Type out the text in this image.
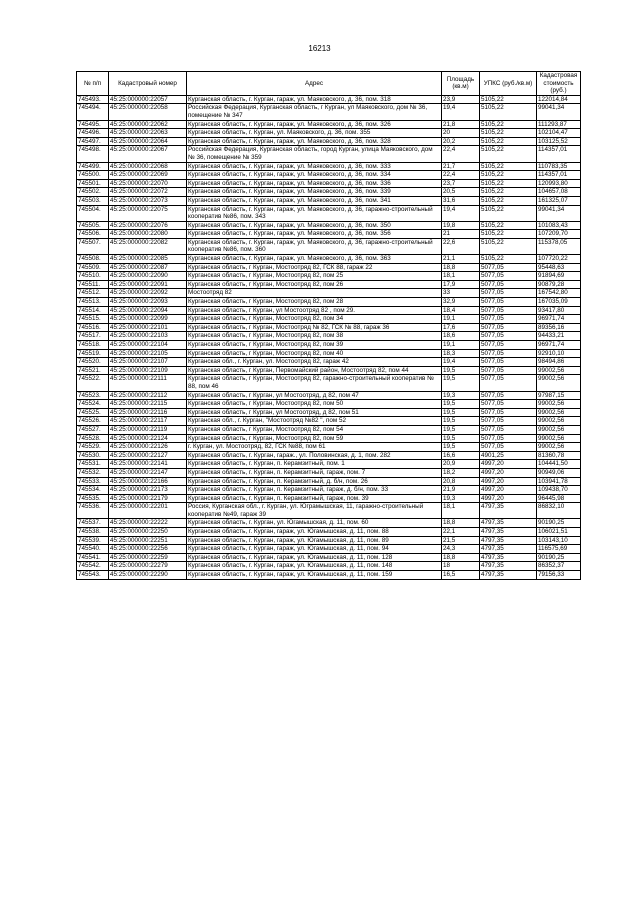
16213
№ п/п	Кадастровый номер	Адрес	Площадь (кв.м)	УПКС (руб./кв.м)	Кадастровая стоимость (руб.)
745493.	45:25:000000:22057	Курганская область, г. Курган, гараж, ул. Маяковского, д. 36, пом. 318	23,9	5105,22	122014,84
745494.	45:25:000000:22058	Российская Федерация, Курганская область, г Курган, ул Маяковского, дом № 36, помещение № 347	19,4	5105,22	99041,34
745495.	45:25:000000:22062	Курганская область, г. Курган, гараж, ул. Маяковского, д. 36, пом. 326	21,8	5105,22	111293,87
745496.	45:25:000000:22063	Курганская область, г. Курган, ул. Маяковского, д. 36, пом. 355	20	5105,22	102104,47
745497.	45:25:000000:22064	Курганская область, г. Курган, гараж, ул. Маяковского, д. 36, пом. 328	20,2	5105,22	103125,52
745498.	45:25:000000:22067	Российская Федерация, Курганская область, город Курган, улица Маяковского, дом № 36, помещение № 359	22,4	5105,22	114357,01
745499.	45:25:000000:22068	Курганская область, г. Курган, гараж, ул. Маяковского, д. 36, пом. 333	21,7	5105,22	110783,35
745500.	45:25:000000:22069	Курганская область, г. Курган, гараж, ул. Маяковского, д. 36, пом. 334	22,4	5105,22	114357,01
745501.	45:25:000000:22070	Курганская область, г. Курган, гараж, ул. Маяковского, д. 36, пом. 336	23,7	5105,22	120993,80
745502.	45:25:000000:22072	Курганская область, г. Курган, гараж, ул. Маяковского, д. 36, пом. 339	20,5	5105,22	104657,08
745503.	45:25:000000:22073	Курганская область, г. Курган, гараж, ул. Маяковского, д. 36, пом. 341	31,6	5105,22	161325,07
745504.	45:25:000000:22075	Курганская область, г. Курган, гараж, ул. Маяковского, д. 36, гаражно-строительный кооператив №86, пом. 343	19,4	5105,22	99041,34
745505.	45:25:000000:22076	Курганская область, г. Курган, гараж, ул. Маяковского, д. 36, пом. 350	19,8	5105,22	101083,43
745506.	45:25:000000:22080	Курганская область, г. Курган, гараж, ул. Маяковского, д. 36, пом. 356	21	5105,22	107209,70
745507.	45:25:000000:22082	Курганская область, г. Курган, гараж, ул. Маяковского, д. 36, гаражно-строительный кооператив №86, пом. 360	22,6	5105,22	115378,05
745508.	45:25:000000:22085	Курганская область, г. Курган, гараж, ул. Маяковского, д. 36, пом. 363	21,1	5105,22	107720,22
745509.	45:25:000000:22087	Курганская область, г Курган, Мостоотряд 82, ГСК 88, гараж 22	18,8	5077,05	95448,63
745510.	45:25:000000:22090	Курганская область, г Курган, Мостоотряд 82, пом 25	18,1	5077,05	91894,69
745511.	45:25:000000:22091	Курганская область, г Курган, Мостоотряд 82, пом 26	17,9	5077,05	90879,28
745512.	45:25:000000:22092	Мостоотряд 82	33	5077,05	167542,80
745513.	45:25:000000:22093	Курганская область, г Курган, Мостоотряд 82, пом 28	32,9	5077,05	167035,09
745514.	45:25:000000:22094	Курганская область, г Курган, ул Мостоотряд 82 , пом 29.	18,4	5077,05	93417,80
745515.	45:25:000000:22099	Курганская область, г Курган, Мостоотряд 82, пом 34	19,1	5077,05	96971,74
745516.	45:25:000000:22101	Курганская область, г Курган, Мостоотряд № 82, ГСК № 88, гараж 36	17,6	5077,05	89356,16
745517.	45:25:000000:22103	Курганская область, г Курган, Мостоотряд 82, пом 38	18,6	5077,05	94433,21
745518.	45:25:000000:22104	Курганская область, г Курган, Мостоотряд 82, пом 39	19,1	5077,05	96971,74
745519.	45:25:000000:22105	Курганская область, г Курган, Мостоотряд 82, пом 40	18,3	5077,05	92910,10
745520.	45:25:000000:22107	Курганская обл., г. Курган, ул. Мостоотряд 82, гараж 42	19,4	5077,05	98494,86
745521.	45:25:000000:22109	Курганская область, г Курган, Первомайский район, Мостоотряд 82, пом 44	19,5	5077,05	99002,56
745522.	45:25:000000:22111	Курганская область, г Курган, Мостоотряд 82, гаражно-строительный кооператив № 88, пом 46	19,5	5077,05	99002,56
745523.	45:25:000000:22112	Курганская область, г Курган, ул Мостоотряд, д 82, пом 47	19,3	5077,05	97987,15
745524.	45:25:000000:22115	Курганская область, г Курган, Мостоотряд 82, пом 50	19,5	5077,05	99002,56
745525.	45:25:000000:22116	Курганская область, г Курган, ул Мостоотряд, д 82, пом 51	19,5	5077,05	99002,56
745526.	45:25:000000:22117	Курганская обл., г. Курган, "Мостоотряд №82 ", пом 52	19,5	5077,05	99002,56
745527.	45:25:000000:22119	Курганская область, г Курган, Мостоотряд 82, пом 54	19,5	5077,05	99002,56
745528.	45:25:000000:22124	Курганская область, г Курган, Мостоотряд 82, пом 59	19,5	5077,05	99002,56
745529.	45:25:000000:22126	г. Курган, ул. Мостоотряд, 82, ГСК №88, пом 61	19,5	5077,05	99002,56
745530.	45:25:000000:22127	Курганская область, г. Курган, гараж., ул. Половинская, д. 1, пом. 282	16,6	4901,25	81360,78
745531.	45:25:000000:22141	Курганская область, г. Курган, п. Керамзитный, пом. 1	20,9	4997,20	104441,50
745532.	45:25:000000:22147	Курганская область, г. Курган, п. Керамзитный, гараж, пом. 7	18,2	4997,20	90949,06
745533.	45:25:000000:22166	Курганская область, г. Курган, п. Керамзитный, д. б/н, пом. 26	20,8	4997,20	103941,78
745534.	45:25:000000:22173	Курганская область, г. Курган, п. Керамзитный, гараж, д. б/н, пом. 33	21,9	4997,20	109438,70
745535.	45:25:000000:22179	Курганская область, г. Курган, п. Керамзитный, гараж, пом. 39	19,3	4997,20	96445,98
745536.	45:25:000000:22201	Россия, Курганская обл., г. Курган, ул. Юграмышская, 11, гаражно-строительный кооператив №49, гараж 39	18,1	4797,35	86832,10
745537.	45:25:000000:22222	Курганская область, г. Курган, ул. Югамышская, д. 11, пом. 60	18,8	4797,35	90190,25
745538.	45:25:000000:22250	Курганская область, г. Курган, гараж, ул. Югамышская, д. 11, пом. 88	22,1	4797,35	106021,51
745539.	45:25:000000:22251	Курганская область, г. Курган, гараж, ул. Югамышская, д. 11, пом. 89	21,5	4797,35	103143,10
745540.	45:25:000000:22256	Курганская область, г. Курган, гараж, ул. Югамышская, д. 11, пом. 94	24,3	4797,35	116575,69
745541.	45:25:000000:22259	Курганская область, г. Курган, гараж, ул. Югамышская, д. 11, пом. 128	18,8	4797,35	90190,25
745542.	45:25:000000:22279	Курганская область, г. Курган, гараж, ул. Югамышская, д. 11, пом. 148	18	4797,35	86352,37
745543.	45:25:000000:22290	Курганская область, г. Курган, гараж, ул. Югамышская, д. 11, пом. 159	16,5	4797,35	79156,33
